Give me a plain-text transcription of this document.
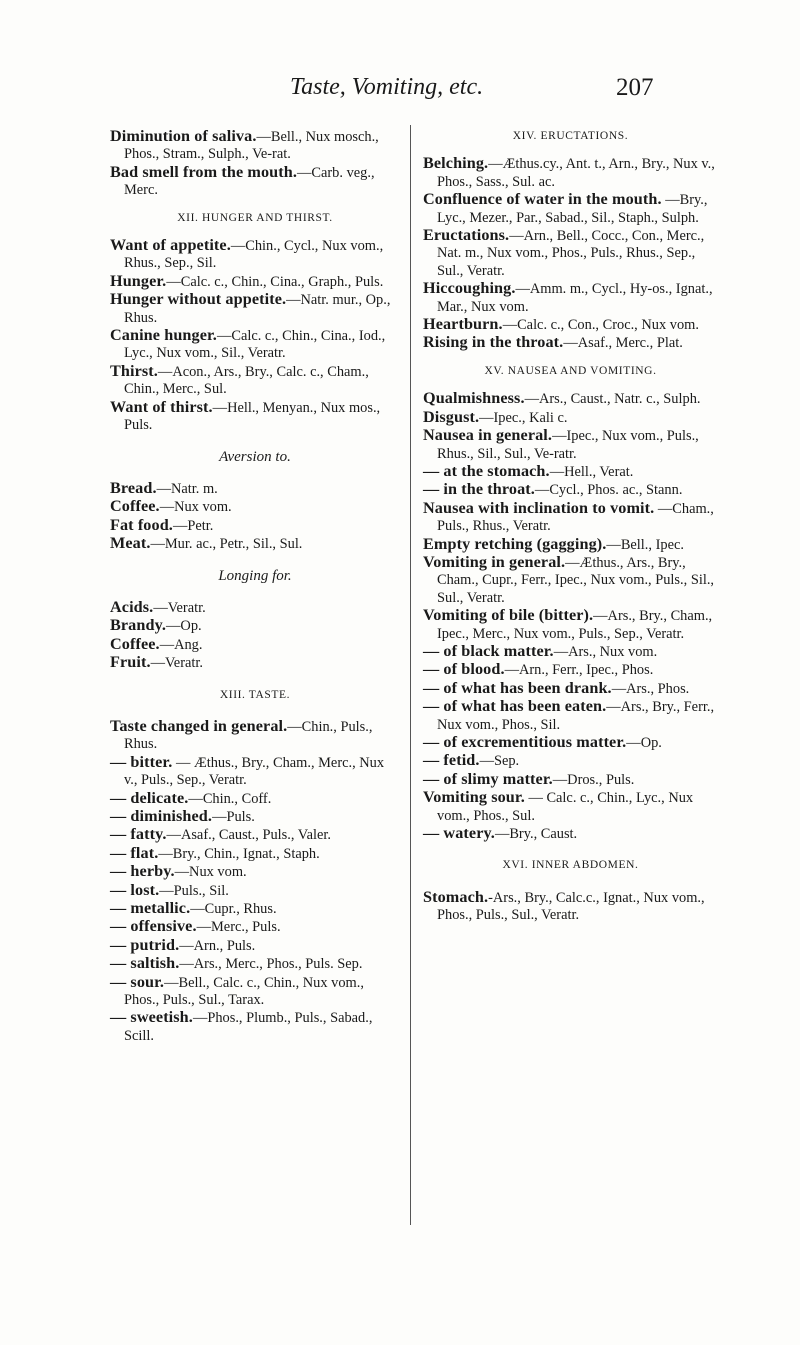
Taste, Vomiting, etc.	207

Diminution of saliva.—Bell., Nux mosch., Phos., Stram., Sulph., Ve-rat.

Bad smell from the mouth.—Carb. veg., Merc.

XII. HUNGER AND THIRST.

Want of appetite.—Chin., Cycl., Nux vom., Rhus., Sep., Sil.

Hunger.—Calc. c., Chin., Cina., Graph., Puls.

Hunger without appetite.—Natr. mur., Op., Rhus.

Canine hunger.—Calc. c., Chin., Cina., Iod., Lyc., Nux vom., Sil., Veratr.

Thirst.—Acon., Ars., Bry., Calc. c., Cham., Chin., Merc., Sul.

Want of thirst.—Hell., Menyan., Nux mos., Puls.

Aversion to.

Bread.—Natr. m.

Coffee.—Nux vom.

Fat food.—Petr.

Meat.—Mur. ac., Petr., Sil., Sul.

Longing for.

Acids.—Veratr.

Brandy.—Op.

Coffee.—Ang.

Fruit.—Veratr.

XIII. TASTE.

Taste changed in general.—Chin., Puls., Rhus.

— bitter. — Æthus., Bry., Cham., Merc., Nux v., Puls., Sep., Veratr.

— delicate.—Chin., Coff.

— diminished.—Puls.

— fatty.—Asaf., Caust., Puls., Valer.

— flat.—Bry., Chin., Ignat., Staph.

— herby.—Nux vom.

— lost.—Puls., Sil.

— metallic.—Cupr., Rhus.

— offensive.—Merc., Puls.

— putrid.—Arn., Puls.

— saltish.—Ars., Merc., Phos., Puls. Sep.

— sour.—Bell., Calc. c., Chin., Nux vom., Phos., Puls., Sul., Tarax.

— sweetish.—Phos., Plumb., Puls., Sabad., Scill.

XIV. ERUCTATIONS.

Belching.—Æthus.cy., Ant. t., Arn., Bry., Nux v., Phos., Sass., Sul. ac.

Confluence of water in the mouth. —Bry., Lyc., Mezer., Par., Sabad., Sil., Staph., Sulph.

Eructations.—Arn., Bell., Cocc., Con., Merc., Nat. m., Nux vom., Phos., Puls., Rhus., Sep., Sul., Veratr.

Hiccoughing.—Amm. m., Cycl., Hy-os., Ignat., Mar., Nux vom.

Heartburn.—Calc. c., Con., Croc., Nux vom.

Rising in the throat.—Asaf., Merc., Plat.

XV. NAUSEA AND VOMITING.

Qualmishness.—Ars., Caust., Natr. c., Sulph.

Disgust.—Ipec., Kali c.

Nausea in general.—Ipec., Nux vom., Puls., Rhus., Sil., Sul., Ve-ratr.

— at the stomach.—Hell., Verat.

— in the throat.—Cycl., Phos. ac., Stann.

Nausea with inclination to vomit. —Cham., Puls., Rhus., Veratr.

Empty retching (gagging).—Bell., Ipec.

Vomiting in general.—Æthus., Ars., Bry., Cham., Cupr., Ferr., Ipec., Nux vom., Puls., Sil., Sul., Veratr.

Vomiting of bile (bitter).—Ars., Bry., Cham., Ipec., Merc., Nux vom., Puls., Sep., Veratr.

— of black matter.—Ars., Nux vom.

— of blood.—Arn., Ferr., Ipec., Phos.

— of what has been drank.—Ars., Phos.

— of what has been eaten.—Ars., Bry., Ferr., Nux vom., Phos., Sil.

— of excrementitious matter.—Op.

— fetid.—Sep.

— of slimy matter.—Dros., Puls.

Vomiting sour. — Calc. c., Chin., Lyc., Nux vom., Phos., Sul.

— watery.—Bry., Caust.

XVI. INNER ABDOMEN.

Stomach.-Ars., Bry., Calc.c., Ignat., Nux vom., Phos., Puls., Sul., Veratr.
